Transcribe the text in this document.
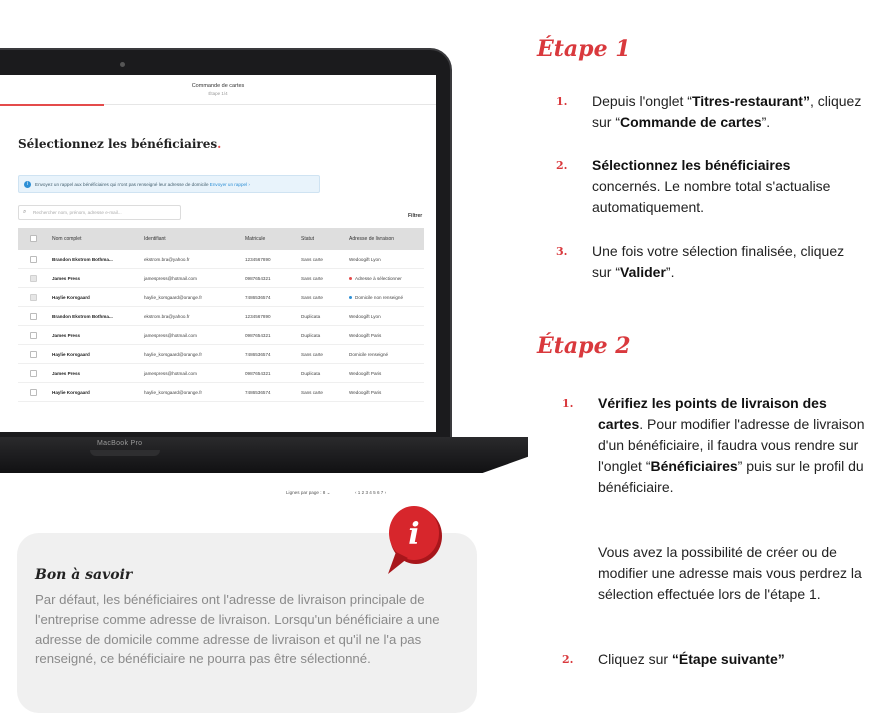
Commande de cartes
Étape 1/4
Sélectionnez les bénéficiaires.
i	Envoyez un rappel aux bénéficiaires qui n'ont pas renseigné leur adresse de domicile Envoyer un rappel ›
⌕ Rechercher nom, prénom, adresse e-mail...
Filtrer
Nom complet	Identifiant	Matricule	Statut	Adresse de livraison
Brandon Ekstrom Bothma...	ekstrom.bra@yahoo.fr	1234567890	Sans carte	Wedoogift Lyon
James Press	jamespress@hotmail.com	0987654321	Sans carte	Adresse à sélectionner
Haylie Korsgaard	haylie_korsgaard@orange.fr	7486536574	Sans carte	Domicile non renseigné
Brandon Ekstrom Bothma...	ekstrom.bra@yahoo.fr	1234567890	Duplicata	Wedoogift Lyon
James Press	jamespress@hotmail.com	0987654321	Duplicata	Wedoogift Paris
Haylie Korsgaard	haylie_korsgaard@orange.fr	7486536574	Sans carte	Domicile renseigné
James Press	jamespress@hotmail.com	0987654321	Duplicata	Wedoogift Paris
Haylie Korsgaard	haylie_korsgaard@orange.fr	7486536574	Sans carte	Wedoogift Paris
Lignes par page : 8 ⌄	‹ 1 2 3 4 5 6 7 ›
MacBook Pro
Bon à savoir
Par défaut, les bénéficiaires ont l'adresse de livraison principale de l'entreprise comme adresse de livraison. Lorsqu'un bénéficiaire a une adresse de domicile comme adresse de livraison et qu'il ne l'a pas renseigné, ce bénéficiaire ne pourra pas être sélectionné.
i
Étape 1
1. Depuis l'onglet “Titres-restaurant”, cliquez sur “Commande de cartes”.
2. Sélectionnez les bénéficiaires concernés. Le nombre total s'actualise automatiquement.
3. Une fois votre sélection finalisée, cliquez sur “Valider”.
Étape 2
1. Vérifiez les points de livraison des cartes. Pour modifier l'adresse de livraison d'un bénéficiaire, il faudra vous rendre sur l'onglet “Bénéficiaires” puis sur le profil du bénéficiaire.
Vous avez la possibilité de créer ou de modifier une adresse mais vous perdrez la sélection effectuée lors de l'étape 1.
2. Cliquez sur “Étape suivante”
